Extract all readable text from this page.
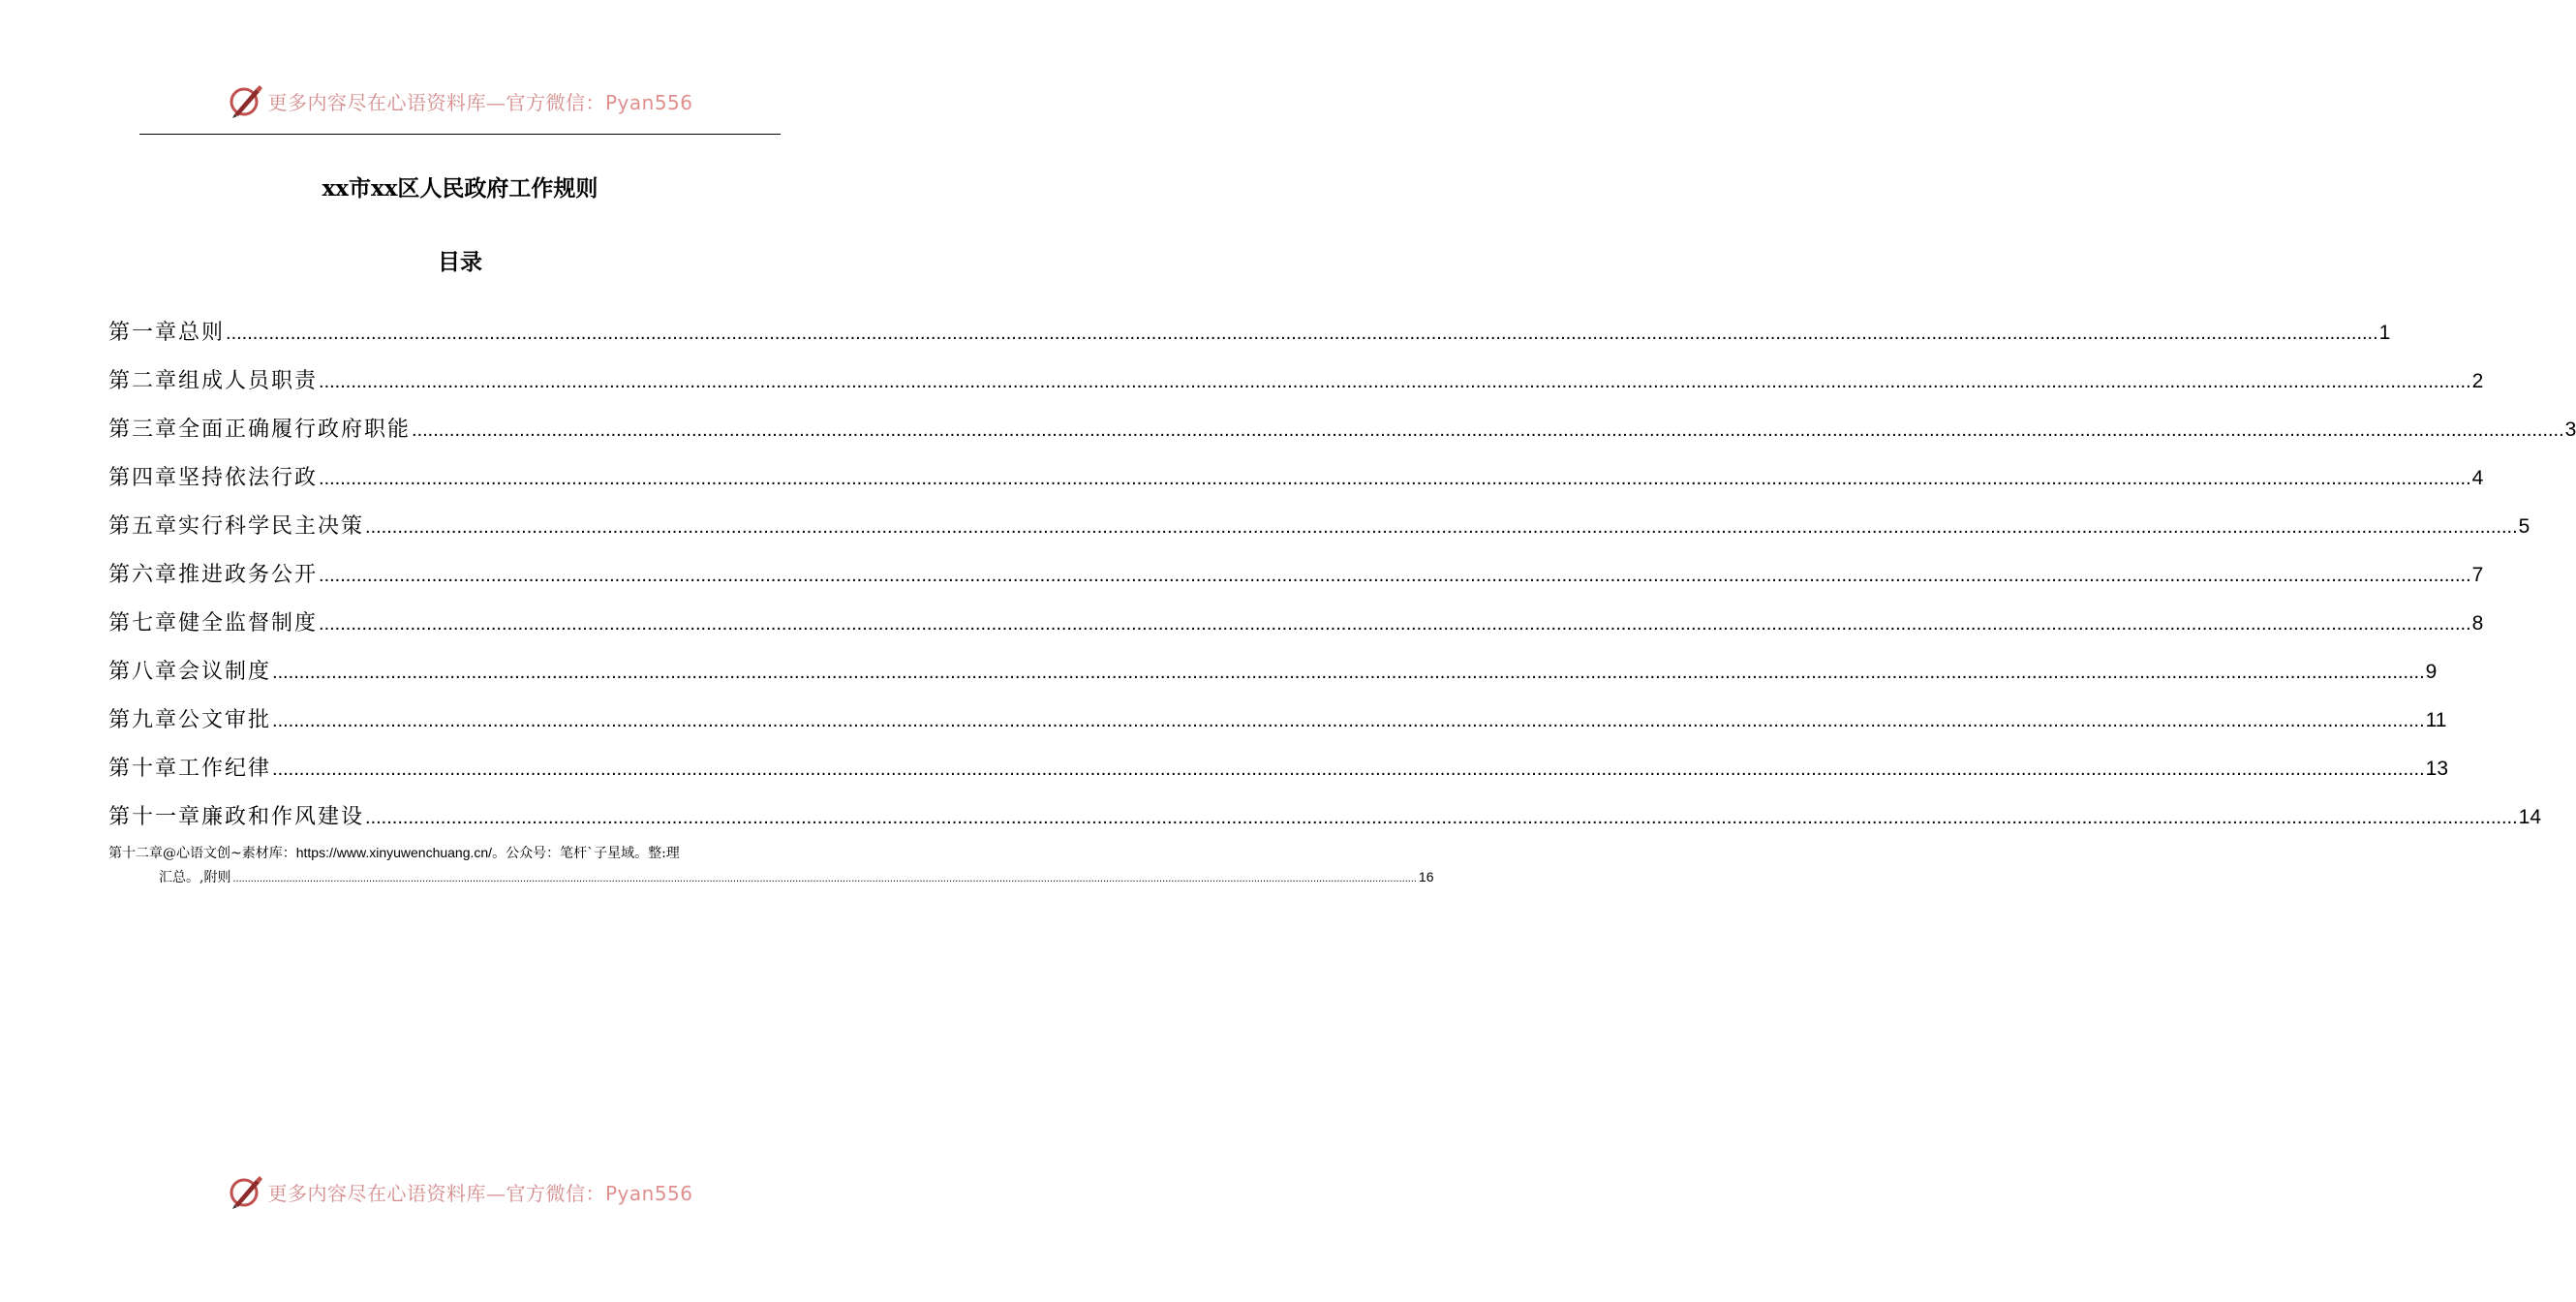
更多内容尽在心语资料库—官方微信：Pyan556
xx市xx区人民政府工作规则
目录
第一章总则 ................................................................................................................................................................................................................................................................................................................................................................................................................ 1
第二章组成人员职责 ................................................................................................................................................................................................................................................................................................................................................................................................................ 2
第三章全面正确履行政府职能 ................................................................................................................................................................................................................................................................................................................................................................................................................ 3
第四章坚持依法行政 ................................................................................................................................................................................................................................................................................................................................................................................................................ 4
第五章实行科学民主决策 ................................................................................................................................................................................................................................................................................................................................................................................................................ 5
第六章推进政务公开 ................................................................................................................................................................................................................................................................................................................................................................................................................ 7
第七章健全监督制度 ................................................................................................................................................................................................................................................................................................................................................................................................................ 8
第八章会议制度 ................................................................................................................................................................................................................................................................................................................................................................................................................ 9
第九章公文审批 ................................................................................................................................................................................................................................................................................................................................................................................................................ 11
第十章工作纪律 ................................................................................................................................................................................................................................................................................................................................................................................................................ 13
第十一章廉政和作风建设 ................................................................................................................................................................................................................................................................................................................................................................................................................ 14
第十二章@心语文创~素材库：https://www.xinyuwenchuang.cn/。公众号：笔杆`子星域。整:理
汇总。,附则 ................................................................................................................................................................................................................................................................................................................................................................................................................ 16
更多内容尽在心语资料库—官方微信：Pyan556
